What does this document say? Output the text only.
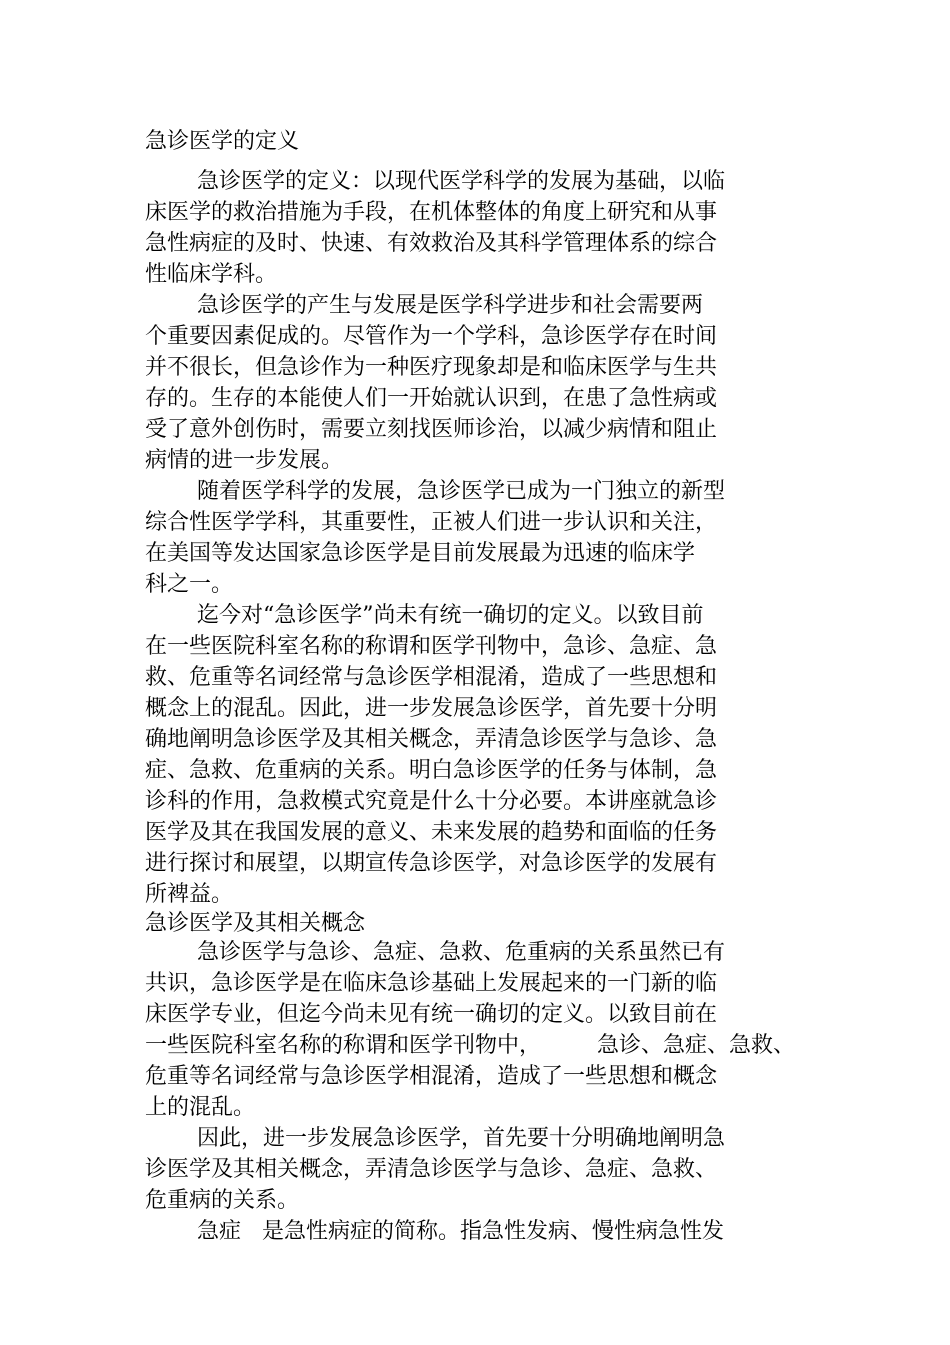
急诊医学的定义
急诊医学的定义：以现代医学科学的发展为基础，以临
床医学的救治措施为手段，在机体整体的角度上研究和从事
急性病症的及时、快速、有效救治及其科学管理体系的综合
性临床学科。
急诊医学的产生与发展是医学科学进步和社会需要两
个重要因素促成的。尽管作为一个学科，急诊医学存在时间
并不很长，但急诊作为一种医疗现象却是和临床医学与生共
存的。生存的本能使人们一开始就认识到，在患了急性病或
受了意外创伤时，需要立刻找医师诊治，以减少病情和阻止
病情的进一步发展。
随着医学科学的发展，急诊医学已成为一门独立的新型
综合性医学学科，其重要性，正被人们进一步认识和关注，
在美国等发达国家急诊医学是目前发展最为迅速的临床学
科之一。
迄今对“急诊医学”尚未有统一确切的定义。以致目前
在一些医院科室名称的称谓和医学刊物中，急诊、急症、急
救、危重等名词经常与急诊医学相混淆，造成了一些思想和
概念上的混乱。因此，进一步发展急诊医学，首先要十分明
确地阐明急诊医学及其相关概念，弄清急诊医学与急诊、急
症、急救、危重病的关系。明白急诊医学的任务与体制，急
诊科的作用，急救模式究竟是什么十分必要。本讲座就急诊
医学及其在我国发展的意义、未来发展的趋势和面临的任务
进行探讨和展望，以期宣传急诊医学，对急诊医学的发展有
所裨益。
急诊医学及其相关概念
急诊医学与急诊、急症、急救、危重病的关系虽然已有
共识，急诊医学是在临床急诊基础上发展起来的一门新的临
床医学专业，但迄今尚未见有统一确切的定义。以致目前在
一些医院科室名称的称谓和医学刊物中，        急诊、急症、急救、
危重等名词经常与急诊医学相混淆，造成了一些思想和概念
上的混乱。
因此，进一步发展急诊医学，首先要十分明确地阐明急
诊医学及其相关概念，弄清急诊医学与急诊、急症、急救、
危重病的关系。
急症   是急性病症的简称。指急性发病、慢性病急性发
